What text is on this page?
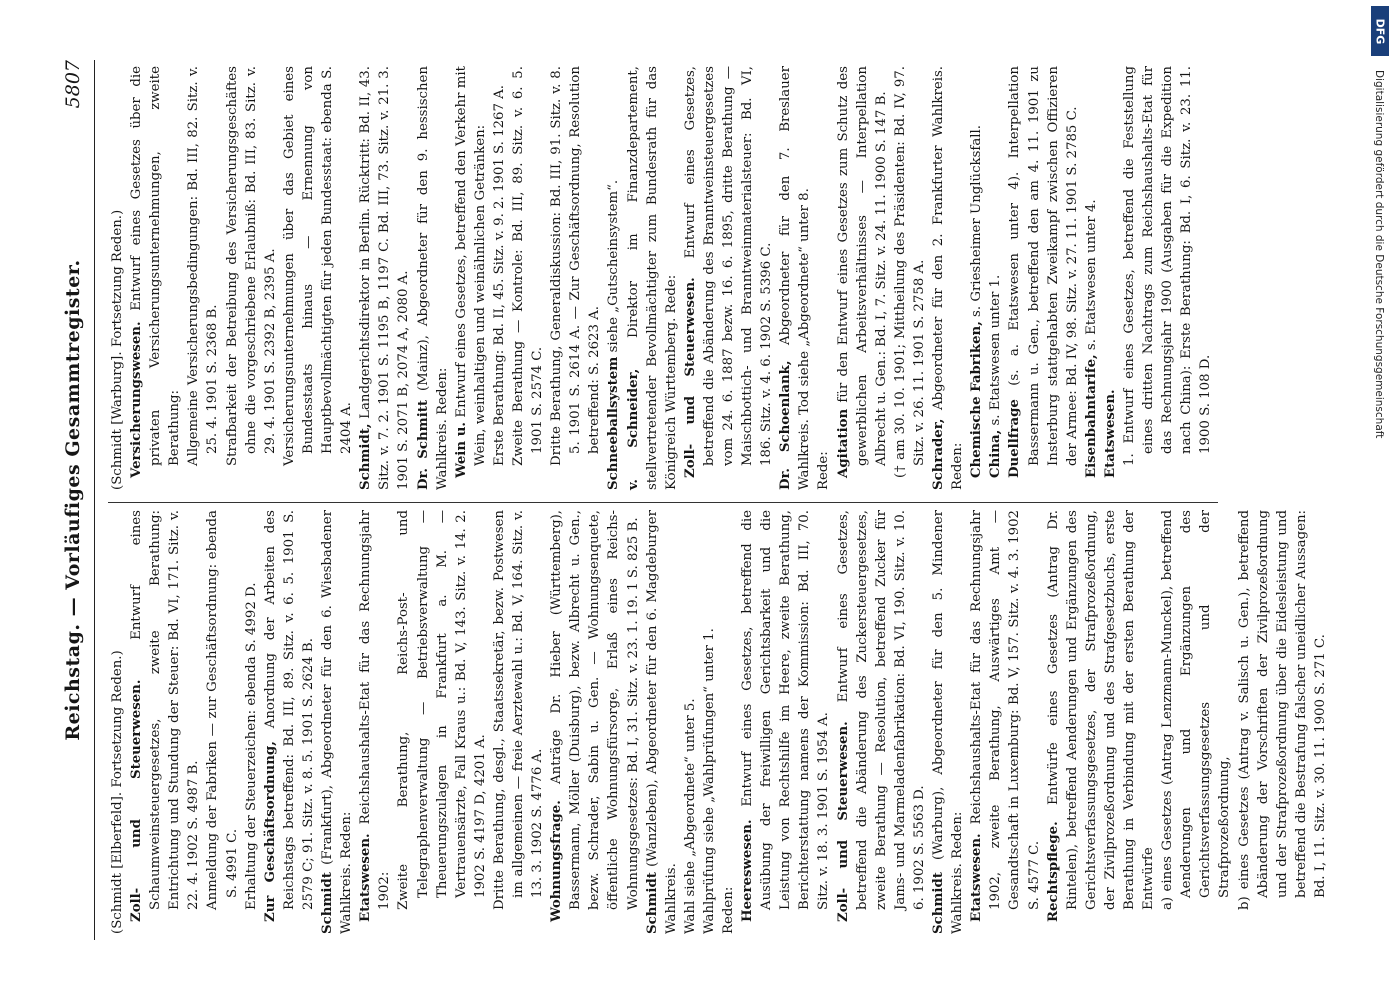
Reichstag. — Vorläufiges Gesammtregister.
5807

(Schmidt [Elberfeld]. Fortsetzung Reden.) Zoll- und Steuerwesen. Entwurf eines Schaumweinsteuergesetzes, zweite Berathung: Entrichtung und Stundung der Steuer: Bd. VI, 171. Sitz. v. 22. 4. 1902 S. 4987 B. Anmeldung der Fabriken — zur Geschäftsordnung: ebenda S. 4991 C. Erhaltung der Steuerzeichen: ebenda S. 4992 D. Zur Geschäftsordnung, Anordnung der Arbeiten des Reichstags betreffend: Bd. III, 89. Sitz. v. 6. 5. 1901 S. 2579 C; 91. Sitz. v. 8. 5. 1901 S. 2624 B. Schmidt (Frankfurt), Abgeordneter für den 6. Wiesbadener Wahlkreis. Reden: Etatswesen. Reichshaushalts-Etat für das Rechnungsjahr 1902: Zweite Berathung, Reichs-Post- und Telegraphenverwaltung — Betriebsverwaltung — Theuerungszulagen in Frankfurt a. M. — Vertrauensärzte, Fall Kraus u.: Bd. V, 143. Sitz. v. 14. 2. 1902 S. 4197 D, 4201 A. Dritte Berathung, desgl., Staatssekretär, bezw. Postwesen im allgemeinen — freie Aerztewahl u.: Bd. V, 164. Sitz. v. 13. 3. 1902 S. 4776 A. Wohnungsfrage. Anträge Dr. Hieber (Württemberg), Bassermann, Möller (Duisburg), bezw. Albrecht u. Gen., bezw. Schrader, Sabin u. Gen. — Wohnungsenquete, öffentliche Wohnungsfürsorge, Erlaß eines Reichs-Wohnungsgesetzes: Bd. I, 31. Sitz. v. 23. 1. 19. 1 S. 825 B. Schmidt (Wanzleben), Abgeordneter für den 6. Magdeburger Wahlkreis. Wahl siehe „Abgeordnete“ unter 5. Wahlprüfung siehe „Wahlprüfungen“ unter 1. Reden: Heereswesen. Entwurf eines Gesetzes, betreffend die Ausübung der freiwilligen Gerichtsbarkeit und die Leistung von Rechtshilfe im Heere, zweite Berathung, Berichterstattung namens der Kommission: Bd. III, 70. Sitz. v. 18. 3. 1901 S. 1954 A. Zoll- und Steuerwesen. Entwurf eines Gesetzes, betreffend die Abänderung des Zuckersteuergesetzes, zweite Berathung — Resolution, betreffend Zucker für Jams- und Marmeladenfabrikation: Bd. VI, 190. Sitz. v. 10. 6. 1902 S. 5563 D. Schmidt (Warburg), Abgeordneter für den 5. Mindener Wahlkreis. Reden: Etatswesen. Reichshaushalts-Etat für das Rechnungsjahr 1902, zweite Berathung, Auswärtiges Amt — Gesandtschaft in Luxemburg: Bd. V, 157. Sitz. v. 4. 3. 1902 S. 4577 C. Rechtspflege. Entwürfe eines Gesetzes (Antrag Dr. Rintelen), betreffend Aenderungen und Ergänzungen des Gerichtsverfassungsgesetzes, der Strafprozeßordnung, der Zivilprozeßordnung und des Strafgesetzbuchs, erste Berathung in Verbindung mit der ersten Berathung der Entwürfe a) eines Gesetzes (Antrag Lenzmann-Munckel), betreffend Aenderungen und Ergänzungen des Gerichtsverfassungsgesetzes und der Strafprozeßordnung, b) eines Gesetzes (Antrag v. Salisch u. Gen.), betreffend Abänderung der Vorschriften der Zivilprozeßordnung und der Strafprozeßordnung über die Eidesleistung und betreffend die Bestrafung falscher uneidlicher Aussagen: Bd. I, 11. Sitz. v. 30. 11. 1900 S. 271 C.

(Schmidt [Warburg]. Fortsetzung Reden.) Versicherungswesen. Entwurf eines Gesetzes über die privaten Versicherungsunternehmungen, zweite Berathung: Allgemeine Versicherungsbedingungen: Bd. III, 82. Sitz. v. 25. 4. 1901 S. 2368 B. Strafbarkeit der Betreibung des Versicherungsgeschäftes ohne die vorgeschriebene Erlaubniß: Bd. III, 83. Sitz. v. 29. 4. 1901 S. 2392 B, 2395 A. Versicherungsunternehmungen über das Gebiet eines Bundesstaats hinaus — Ernennung von Hauptbevollmächtigten für jeden Bundesstaat: ebenda S. 2404 A. Schmidt, Landgerichtsdirektor in Berlin. Rücktritt: Bd. II, 43. Sitz. v. 7. 2. 1901 S. 1195 B, 1197 C. Bd. III, 73. Sitz. v. 21. 3. 1901 S. 2071 B, 2074 A, 2080 A. Dr. Schmitt (Mainz), Abgeordneter für den 9. hessischen Wahlkreis. Reden: Wein u. Entwurf eines Gesetzes, betreffend den Verkehr mit Wein, weinhaltigen und weinähnlichen Getränken: Erste Berathung: Bd. II, 45. Sitz. v. 9. 2. 1901 S. 1267 A. Zweite Berathung — Kontrole: Bd. III, 89. Sitz. v. 6. 5. 1901 S. 2574 C. Dritte Berathung, Generaldiskussion: Bd. III, 91. Sitz. v. 8. 5. 1901 S. 2614 A. — Zur Geschäftsordnung, Resolution betreffend: S. 2623 A. Schneeballsystem siehe „Gutscheinsystem“.

v. Schneider, Direktor im Finanzdepartement, stellvertretender Bevollmächtigter zum Bundesrath für das Königreich Württemberg. Rede: Zoll- und Steuerwesen. Entwurf eines Gesetzes, betreffend die Abänderung des Branntweinsteuergesetzes vom 24. 6. 1887 bezw. 16. 6. 1895, dritte Berathung — Maischbottich- und Branntweinmaterialsteuer: Bd. VI, 186. Sitz. v. 4. 6. 1902 S. 5396 C. Dr. Schoenlank, Abgeordneter für den 7. Breslauer Wahlkreis. Tod siehe „Abgeordnete“ unter 8. Rede: Agitation für den Entwurf eines Gesetzes zum Schutz des gewerblichen Arbeitsverhältnisses — Interpellation Albrecht u. Gen.: Bd. I, 7. Sitz. v. 24. 11. 1900 S. 147 B. († am 30. 10. 1901; Mittheilung des Präsidenten: Bd. IV, 97. Sitz. v. 26. 11. 1901 S. 2758 A. Schrader, Abgeordneter für den 2. Frankfurter Wahlkreis. Reden: Chemische Fabriken, s. Griesheimer Unglücksfall.

China, s. Etatswesen unter 1.

Duellfrage (s. a. Etatswesen unter 4). Interpellation Bassermann u. Gen., betreffend den am 4. 11. 1901 zu Insterburg stattgehabten Zweikampf zwischen Offizieren der Armee: Bd. IV, 98. Sitz. v. 27. 11. 1901 S. 2785 C. Eisenbahntarife, s. Etatswesen unter 4.

Etatswesen. 1. Entwurf eines Gesetzes, betreffend die Feststellung eines dritten Nachtrags zum Reichshaushalts-Etat für das Rechnungsjahr 1900 (Ausgaben für die Expedition nach China): Erste Berathung: Bd. I, 6. Sitz. v. 23. 11. 1900 S. 108 D.	Digitalisierung gefördert durch die Deutsche Forschungsgemeinschaft
DFG
